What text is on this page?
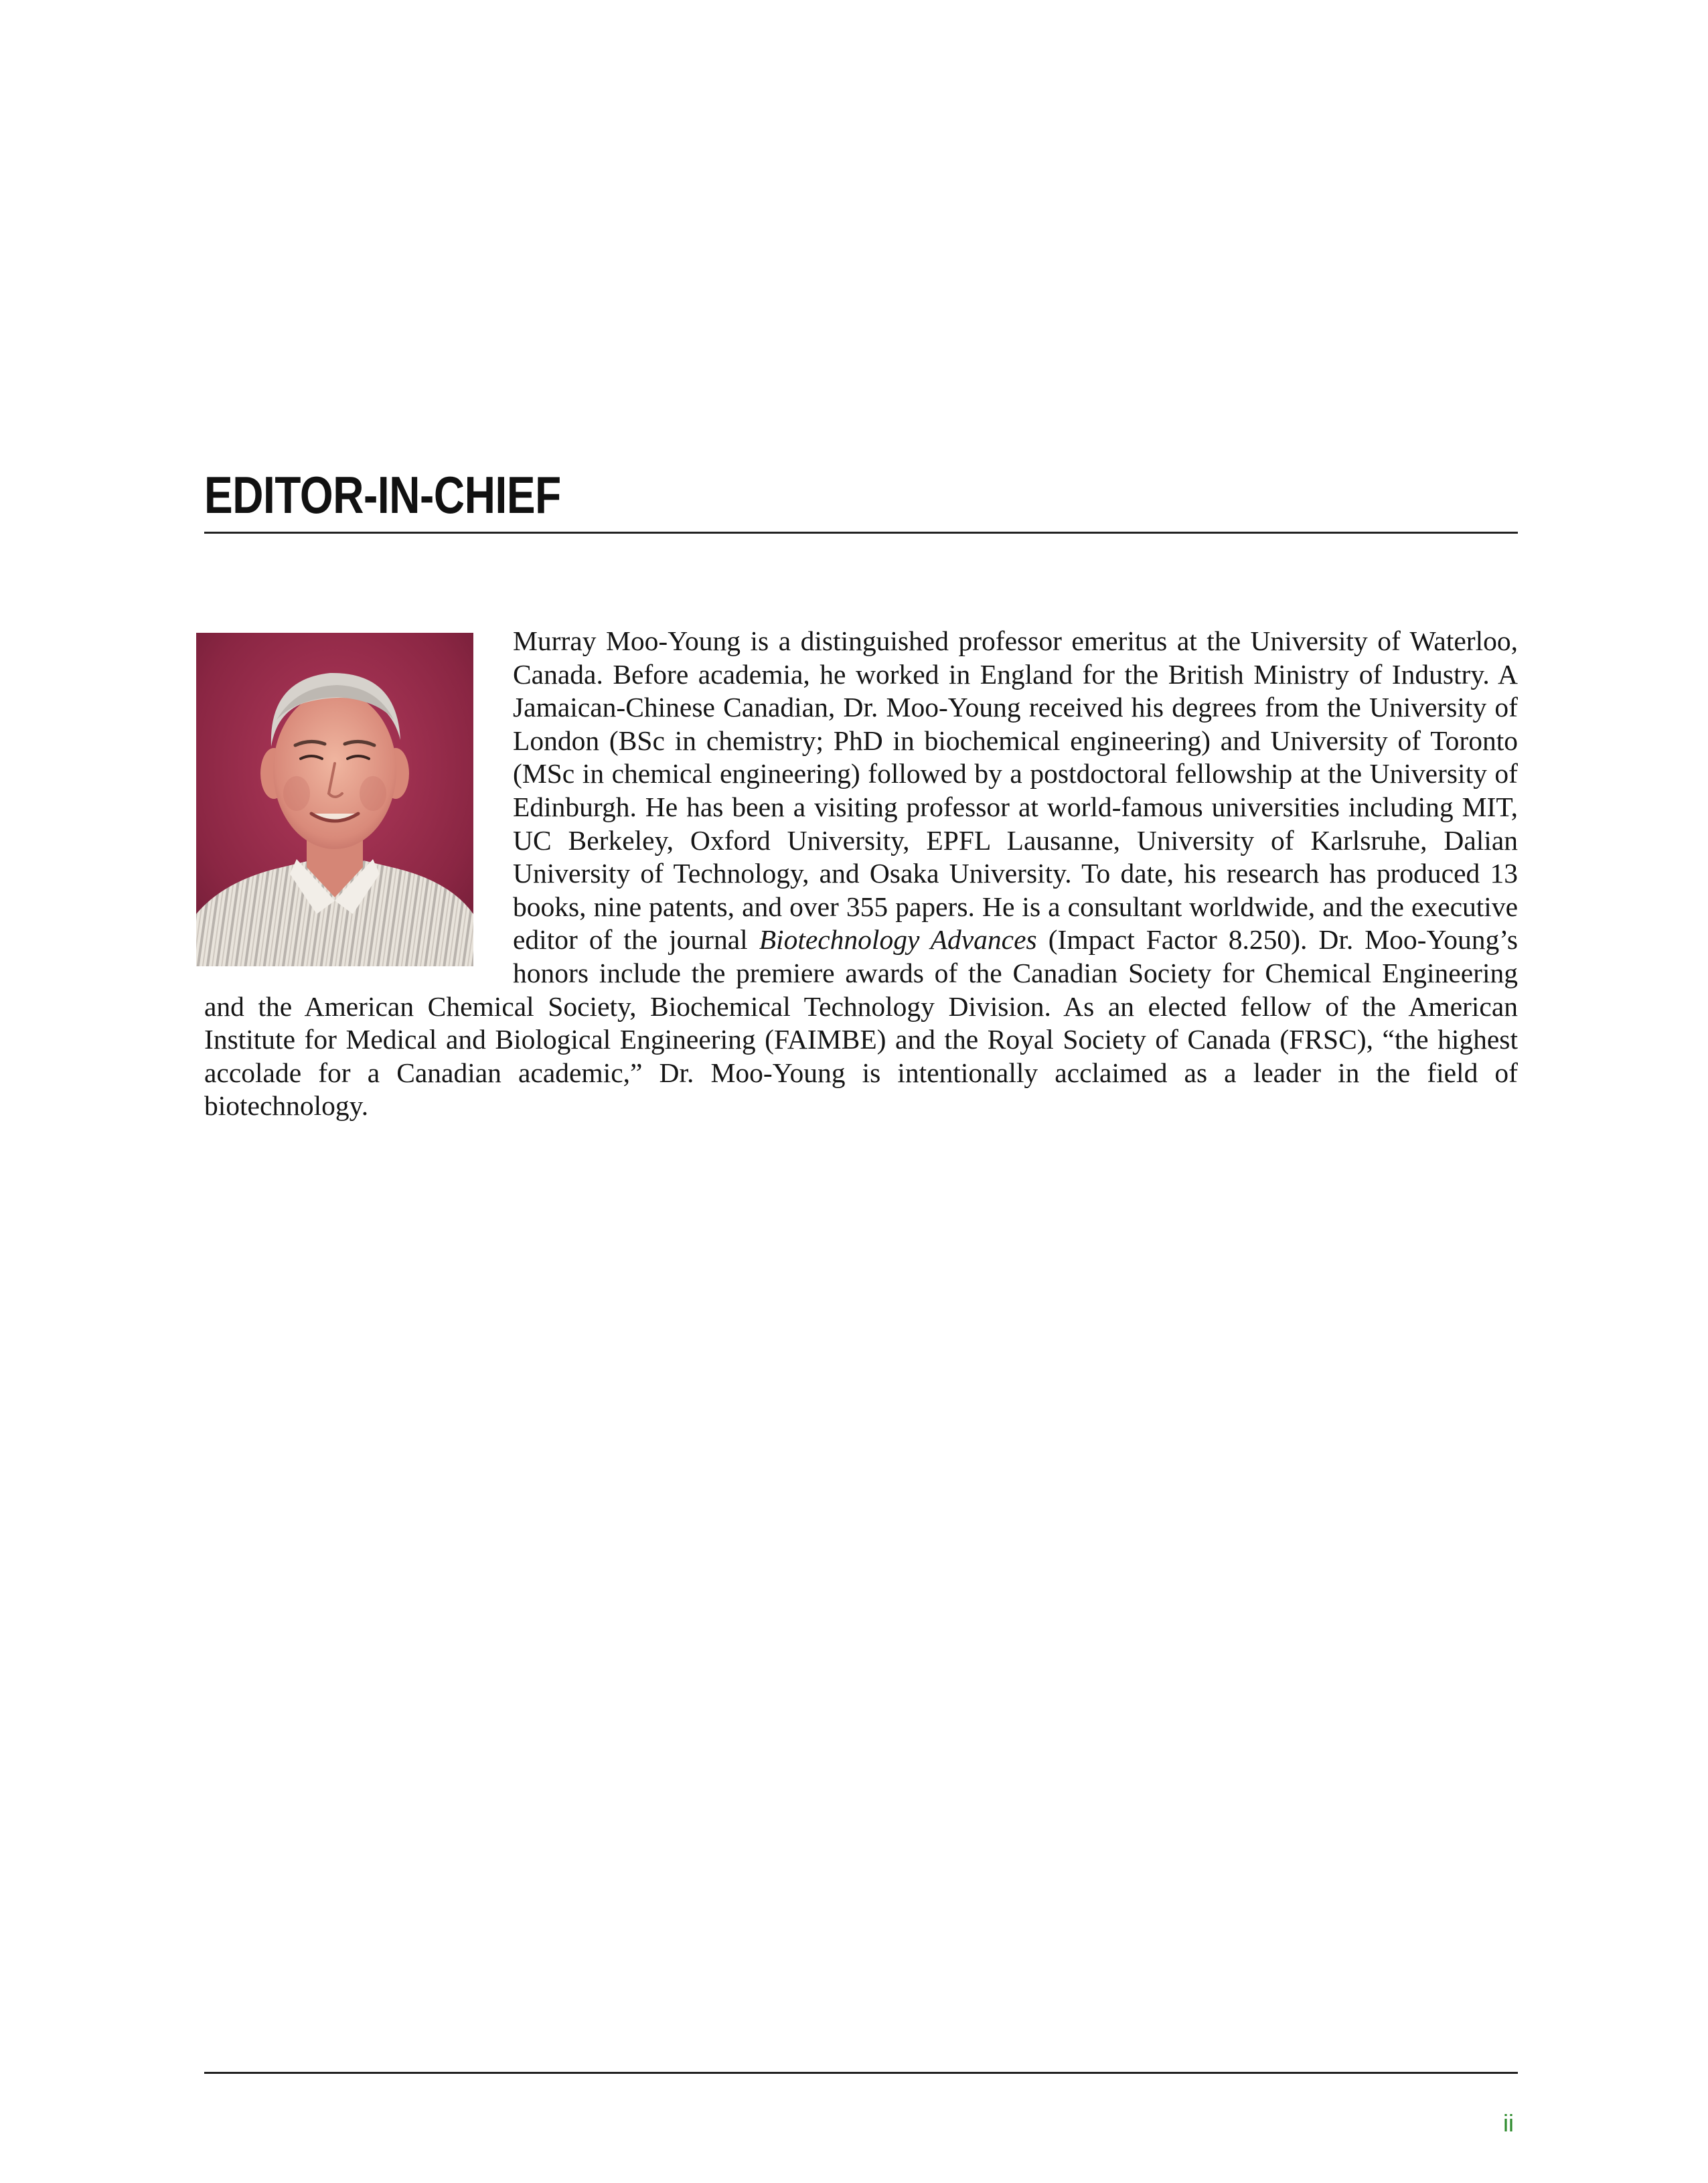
EDITOR-IN-CHIEF
Murray Moo-Young is a distinguished professor emeritus at the University of Waterloo, Canada. Before academia, he worked in England for the British Ministry of Industry. A Jamaican-Chinese Canadian, Dr. Moo-Young received his degrees from the University of London (BSc in chemistry; PhD in biochemical engineering) and University of Toronto (MSc in chemical engineering) followed by a postdoctoral fellowship at the University of Edinburgh. He has been a visiting professor at world-famous universities including MIT, UC Berkeley, Oxford University, EPFL Lausanne, University of Karlsruhe, Dalian University of Technology, and Osaka University. To date, his research has produced 13 books, nine patents, and over 355 papers. He is a consultant worldwide, and the executive editor of the journal Biotechnology Advances (Impact Factor 8.250). Dr. Moo-Young’s honors include the premiere awards of the Canadian Society for Chemical Engineering and the American Chemical Society, Biochemical Technology Division. As an elected fellow of the American Institute for Medical and Biological Engineering (FAIMBE) and the Royal Society of Canada (FRSC), “the highest accolade for a Canadian academic,” Dr. Moo-Young is intentionally acclaimed as a leader in the field of biotechnology.
ii
